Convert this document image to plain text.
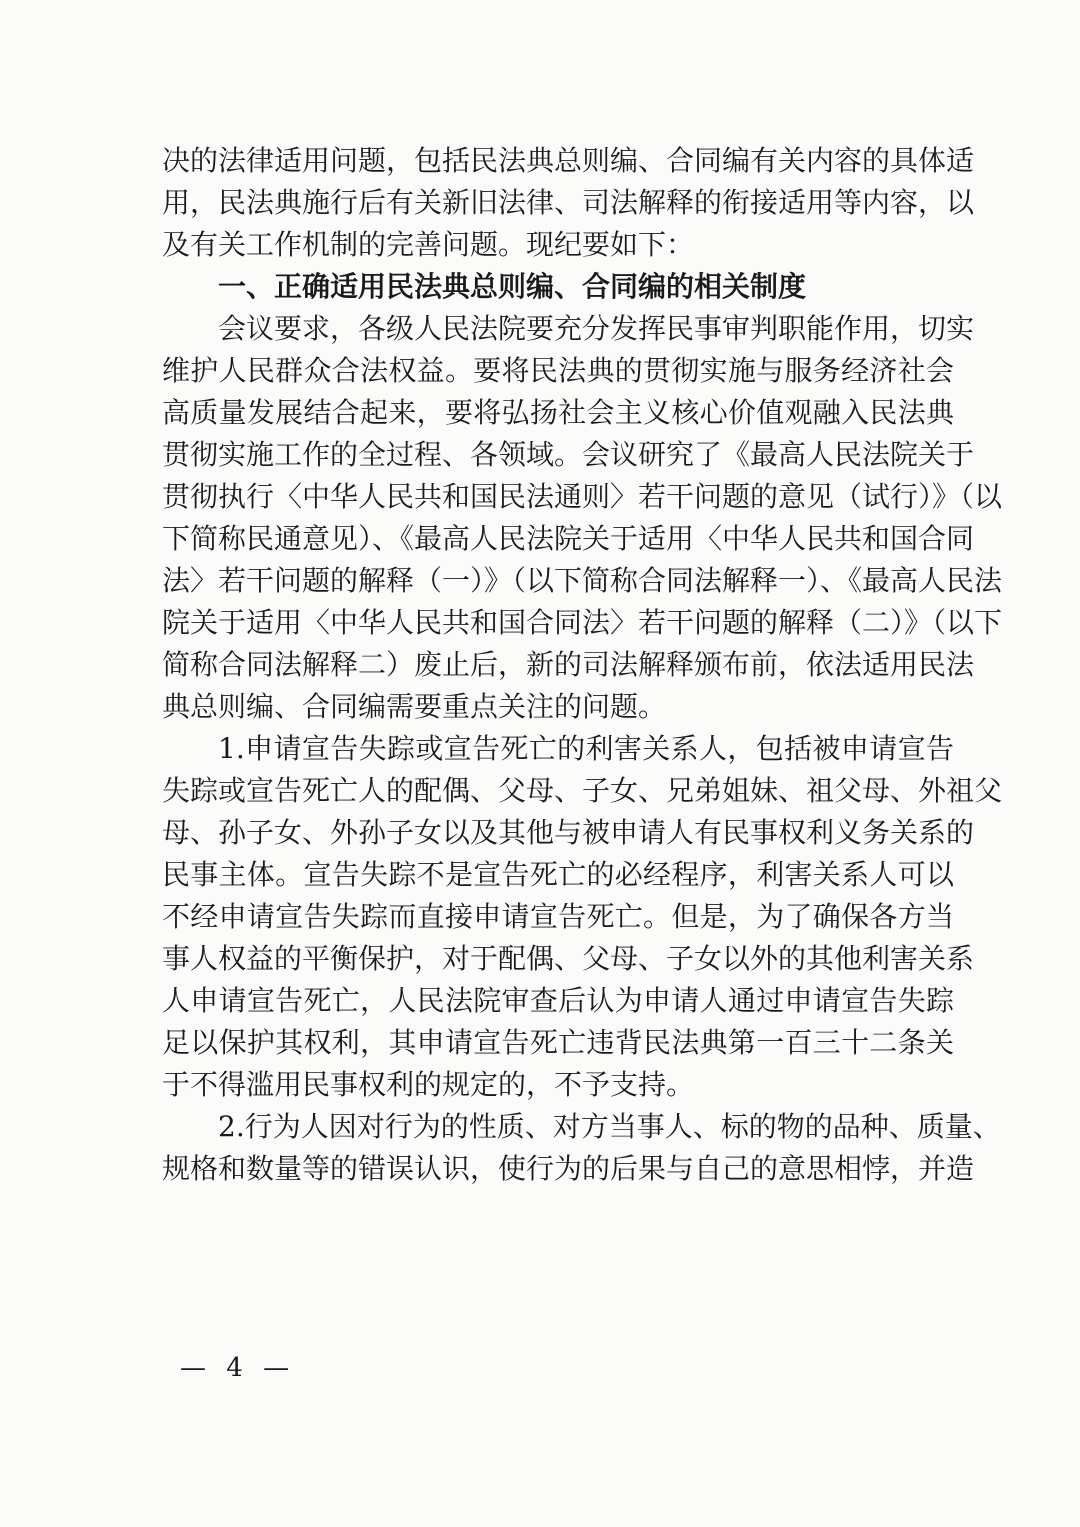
决的法律适用问题，包括民法典总则编、合同编有关内容的具体适
用，民法典施行后有关新旧法律、司法解释的衔接适用等内容，以
及有关工作机制的完善问题。现纪要如下：
一、正确适用民法典总则编、合同编的相关制度
会议要求，各级人民法院要充分发挥民事审判职能作用，切实
维护人民群众合法权益。要将民法典的贯彻实施与服务经济社会
高质量发展结合起来，要将弘扬社会主义核心价值观融入民法典
贯彻实施工作的全过程、各领域。会议研究了《最高人民法院关于
贯彻执行〈中华人民共和国民法通则〉若干问题的意见（试行）》（以
下简称民通意见）、《最高人民法院关于适用〈中华人民共和国合同
法〉若干问题的解释（一）》（以下简称合同法解释一）、《最高人民法
院关于适用〈中华人民共和国合同法〉若干问题的解释（二）》（以下
简称合同法解释二）废止后，新的司法解释颁布前，依法适用民法
典总则编、合同编需要重点关注的问题。
1.申请宣告失踪或宣告死亡的利害关系人，包括被申请宣告
失踪或宣告死亡人的配偶、父母、子女、兄弟姐妹、祖父母、外祖父
母、孙子女、外孙子女以及其他与被申请人有民事权利义务关系的
民事主体。宣告失踪不是宣告死亡的必经程序，利害关系人可以
不经申请宣告失踪而直接申请宣告死亡。但是，为了确保各方当
事人权益的平衡保护，对于配偶、父母、子女以外的其他利害关系
人申请宣告死亡，人民法院审查后认为申请人通过申请宣告失踪
足以保护其权利，其申请宣告死亡违背民法典第一百三十二条关
于不得滥用民事权利的规定的，不予支持。
2.行为人因对行为的性质、对方当事人、标的物的品种、质量、
规格和数量等的错误认识，使行为的后果与自己的意思相悖，并造
— 4 —
